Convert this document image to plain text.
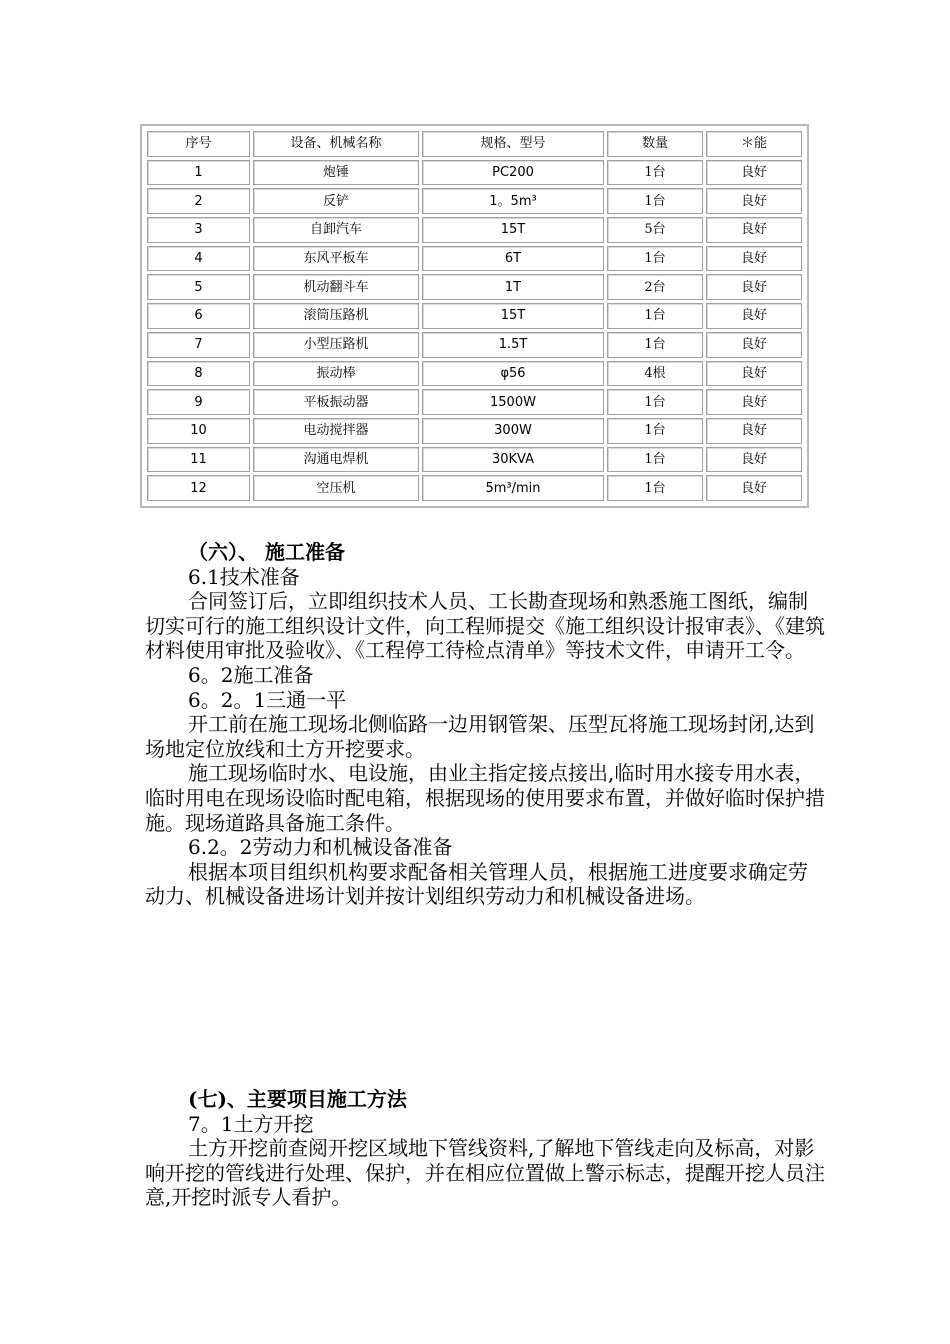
序号	设备、机械名称	规格、型号	数量	＊能
1	炮锤	PC200	1台	良好
2	反铲	1。5m³	1台	良好
3	自卸汽车	15T	5台	良好
4	东风平板车	6T	1台	良好
5	机动翻斗车	1T	2台	良好
6	滚筒压路机	15T	1台	良好
7	小型压路机	1.5T	1台	良好
8	振动棒	φ56	4根	良好
9	平板振动器	1500W	1台	良好
10	电动搅拌器	300W	1台	良好
11	沟通电焊机	30KVA	1台	良好
12	空压机	5m³/min	1台	良好

（六）、 施工准备

6.1技术准备

合同签订后，立即组织技术人员、工长勘查现场和熟悉施工图纸，编制切实可行的施工组织设计文件，向工程师提交《施工组织设计报审表》、《建筑材料使用审批及验收》、《工程停工待检点清单》等技术文件，申请开工令。

6。2施工准备

6。2。1三通一平

开工前在施工现场北侧临路一边用钢管架、压型瓦将施工现场封闭,达到场地定位放线和土方开挖要求。

施工现场临时水、电设施，由业主指定接点接出,临时用水接专用水表，临时用电在现场设临时配电箱，根据现场的使用要求布置，并做好临时保护措施。现场道路具备施工条件。

6.2。2劳动力和机械设备准备

根据本项目组织机构要求配备相关管理人员，根据施工进度要求确定劳动力、机械设备进场计划并按计划组织劳动力和机械设备进场。

(七)、主要项目施工方法

7。1土方开挖

土方开挖前查阅开挖区域地下管线资料,了解地下管线走向及标高，对影响开挖的管线进行处理、保护，并在相应位置做上警示标志，提醒开挖人员注意,开挖时派专人看护。
